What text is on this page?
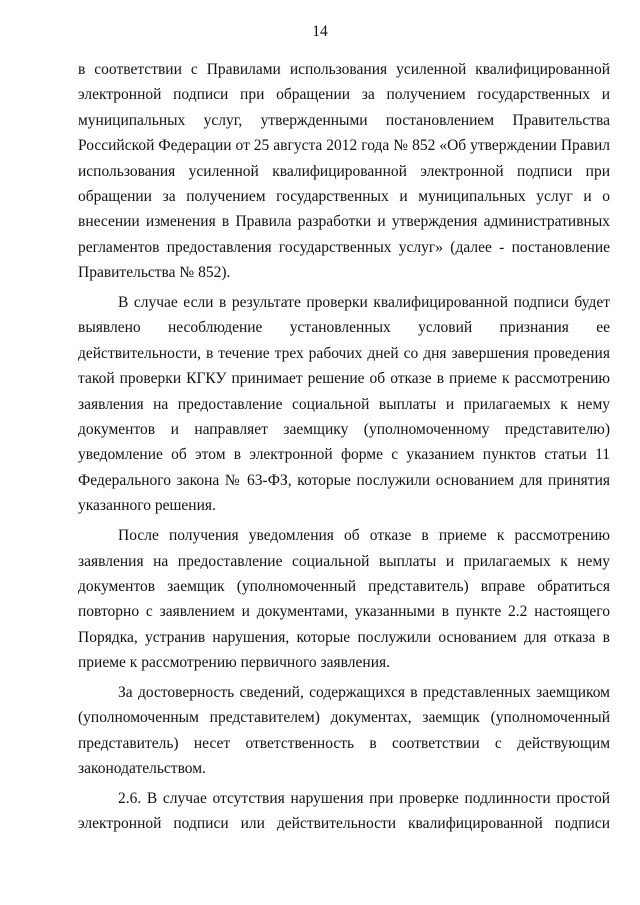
14

в соответствии с Правилами использования усиленной квалифицированной электронной подписи при обращении за получением государственных и муниципальных услуг, утвержденными постановлением Правительства Российской Федерации от 25 августа 2012 года № 852 «Об утверждении Правил использования усиленной квалифицированной электронной подписи при обращении за получением государственных и муниципальных услуг и о внесении изменения в Правила разработки и утверждения административных регламентов предоставления государственных услуг» (далее - постановление Правительства № 852).

В случае если в результате проверки квалифицированной подписи будет выявлено несоблюдение установленных условий признания ее действительности, в течение трех рабочих дней со дня завершения проведения такой проверки КГКУ принимает решение об отказе в приеме к рассмотрению заявления на предоставление социальной выплаты и прилагаемых к нему документов и направляет заемщику (уполномоченному представителю) уведомление об этом в электронной форме с указанием пунктов статьи 11 Федерального закона № 63-ФЗ, которые послужили основанием для принятия указанного решения.

После получения уведомления об отказе в приеме к рассмотрению заявления на предоставление социальной выплаты и прилагаемых к нему документов заемщик (уполномоченный представитель) вправе обратиться повторно с заявлением и документами, указанными в пункте 2.2 настоящего Порядка, устранив нарушения, которые послужили основанием для отказа в приеме к рассмотрению первичного заявления.

За достоверность сведений, содержащихся в представленных заемщиком (уполномоченным представителем) документах, заемщик (уполномоченный представитель) несет ответственность в соответствии с действующим законодательством.

2.6. В случае отсутствия нарушения при проверке подлинности простой электронной подписи или действительности квалифицированной подписи
